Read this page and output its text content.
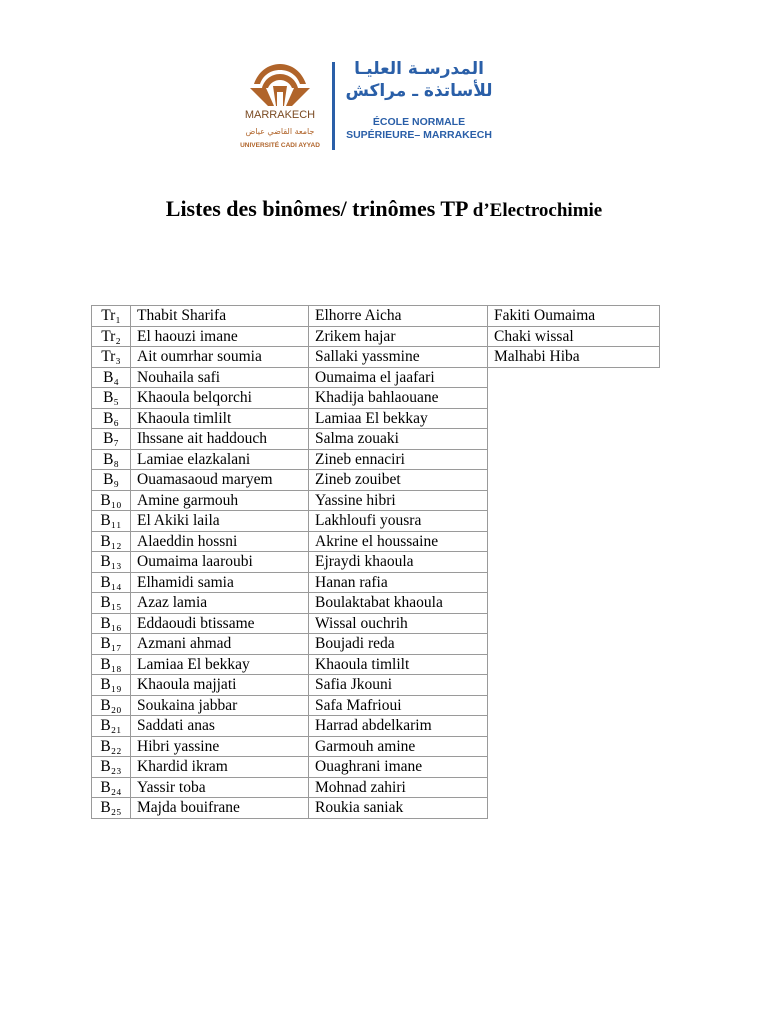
MARRAKECH
جامعة القاضي عياض
UNIVERSITÉ CADI AYYAD
المدرسـة العليـا
للأساتذة ـ مراكش
ÉCOLE NORMALE
SUPÉRIEURE– MARRAKECH
Listes des binômes/ trinômes TP d’Electrochimie
Tr₁	Thabit Sharifa	Elhorre Aicha	Fakiti Oumaima
Tr₂	El haouzi imane	Zrikem hajar	Chaki wissal
Tr₃	Ait oumrhar soumia	Sallaki yassmine	Malhabi Hiba
B₄	Nouhaila safi	Oumaima el jaafari	
B₅	Khaoula belqorchi	Khadija bahlaouane	
B₆	Khaoula timlilt	Lamiaa El bekkay	
B₇	Ihssane ait haddouch	Salma zouaki	
B₈	Lamiae elazkalani	Zineb ennaciri	
B₉	Ouamasaoud maryem	Zineb zouibet	
B₁₀	Amine garmouh	Yassine hibri	
B₁₁	El Akiki laila	Lakhloufi yousra	
B₁₂	Alaeddin hossni	Akrine el houssaine	
B₁₃	Oumaima laaroubi	Ejraydi khaoula	
B₁₄	Elhamidi samia	Hanan rafia	
B₁₅	Azaz lamia	Boulaktabat khaoula	
B₁₆	Eddaoudi btissame	Wissal ouchrih	
B₁₇	Azmani ahmad	Boujadi reda	
B₁₈	Lamiaa El bekkay	Khaoula timlilt	
B₁₉	Khaoula majjati	Safia Jkouni	
B₂₀	Soukaina jabbar	Safa Mafrioui	
B₂₁	Saddati anas	Harrad abdelkarim	
B₂₂	Hibri yassine	Garmouh amine	
B₂₃	Khardid ikram	Ouaghrani imane	
B₂₄	Yassir toba	Mohnad zahiri	
B₂₅	Majda bouifrane	Roukia saniak	
